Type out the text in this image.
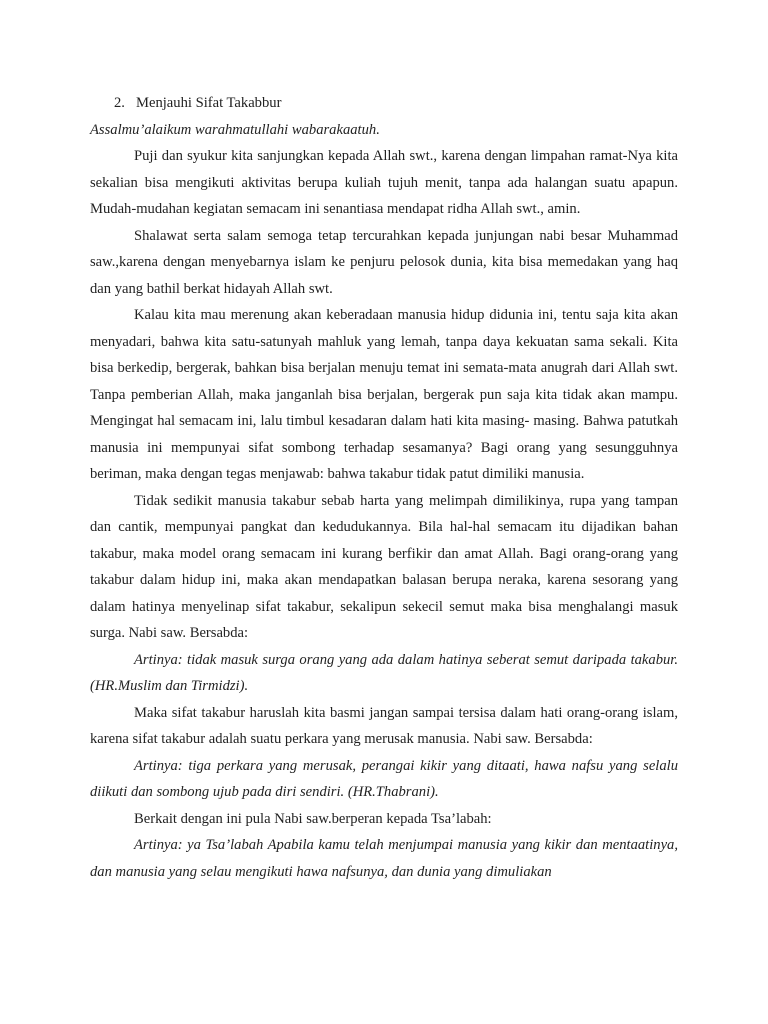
2. Menjauhi Sifat Takabbur

Assalmu’alaikum warahmatullahi wabarakaatuh.

Puji dan syukur kita sanjungkan kepada Allah swt., karena dengan limpahan ramat-Nya kita sekalian bisa mengikuti aktivitas berupa kuliah tujuh menit, tanpa ada halangan suatu apapun. Mudah-mudahan kegiatan semacam ini senantiasa mendapat ridha Allah swt., amin.

Shalawat serta salam semoga tetap tercurahkan kepada junjungan nabi besar Muhammad saw.,karena dengan menyebarnya islam ke penjuru pelosok dunia, kita bisa memedakan yang haq dan yang bathil berkat hidayah Allah swt.

Kalau kita mau merenung akan keberadaan manusia hidup didunia ini, tentu saja kita akan menyadari, bahwa kita satu-satunyah mahluk yang lemah, tanpa daya kekuatan sama sekali. Kita bisa berkedip, bergerak, bahkan bisa berjalan menuju temat ini semata-mata anugrah dari Allah swt. Tanpa pemberian Allah, maka janganlah bisa berjalan, bergerak pun saja kita tidak akan mampu. Mengingat hal semacam ini, lalu timbul kesadaran dalam hati kita masing- masing. Bahwa patutkah manusia ini mempunyai sifat sombong terhadap sesamanya? Bagi orang yang sesungguhnya beriman, maka dengan tegas menjawab: bahwa takabur tidak patut dimiliki manusia.

Tidak sedikit manusia takabur sebab harta yang melimpah dimilikinya, rupa yang tampan dan cantik, mempunyai pangkat dan kedudukannya. Bila hal-hal semacam itu dijadikan bahan takabur, maka model orang semacam ini kurang berfikir dan amat Allah. Bagi orang-orang yang takabur dalam hidup ini, maka akan mendapatkan balasan berupa neraka, karena sesorang yang dalam hatinya menyelinap sifat takabur, sekalipun sekecil semut maka bisa menghalangi masuk surga. Nabi saw. Bersabda:

Artinya: tidak masuk surga orang yang ada dalam hatinya seberat semut daripada takabur. (HR.Muslim dan Tirmidzi).

Maka sifat takabur haruslah kita basmi jangan sampai tersisa dalam hati orang-orang islam, karena sifat takabur adalah suatu perkara yang merusak manusia. Nabi saw. Bersabda:

Artinya: tiga perkara yang merusak, perangai kikir yang ditaati, hawa nafsu yang selalu diikuti dan sombong ujub pada diri sendiri. (HR.Thabrani).

Berkait dengan ini pula Nabi saw.berperan kepada Tsa’labah:

Artinya: ya Tsa’labah Apabila kamu telah menjumpai manusia yang kikir dan mentaatinya, dan manusia yang selau mengikuti hawa nafsunya, dan dunia yang dimuliakan
